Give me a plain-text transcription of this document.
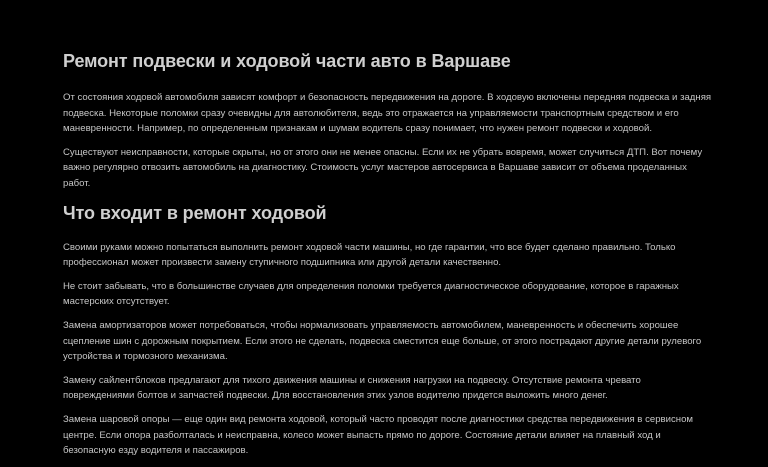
Ремонт подвески и ходовой части авто в Варшаве

От состояния ходовой автомобиля зависят комфорт и безопасность передвижения на дороге. В ходовую включены передняя подвеска и задняя подвеска. Некоторые поломки сразу очевидны для автолюбителя, ведь это отражается на управляемости транспортным средством и его маневренности. Например, по определенным признакам и шумам водитель сразу понимает, что нужен ремонт подвески и ходовой.

Существуют неисправности, которые скрыты, но от этого они не менее опасны. Если их не убрать вовремя, может случиться ДТП. Вот почему важно регулярно отвозить автомобиль на диагностику. Стоимость услуг мастеров автосервиса в Варшаве зависит от объема проделанных работ.

Что входит в ремонт ходовой

Своими руками можно попытаться выполнить ремонт ходовой части машины, но где гарантии, что все будет сделано правильно. Только профессионал может произвести замену ступичного подшипника или другой детали качественно.

Не стоит забывать, что в большинстве случаев для определения поломки требуется диагностическое оборудование, которое в гаражных мастерских отсутствует.

Замена амортизаторов может потребоваться, чтобы нормализовать управляемость автомобилем, маневренность и обеспечить хорошее сцепление шин с дорожным покрытием. Если этого не сделать, подвеска сместится еще больше, от этого пострадают другие детали рулевого устройства и тормозного механизма.

Замену сайлентблоков предлагают для тихого движения машины и снижения нагрузки на подвеску. Отсутствие ремонта чревато повреждениями болтов и запчастей подвески. Для восстановления этих узлов водителю придется выложить много денег.

Замена шаровой опоры — еще один вид ремонта ходовой, который часто проводят после диагностики средства передвижения в сервисном центре. Если опора разболталась и неисправна, колесо может выпасть прямо по дороге. Состояние детали влияет на плавный ход и безопасную езду водителя и пассажиров.
